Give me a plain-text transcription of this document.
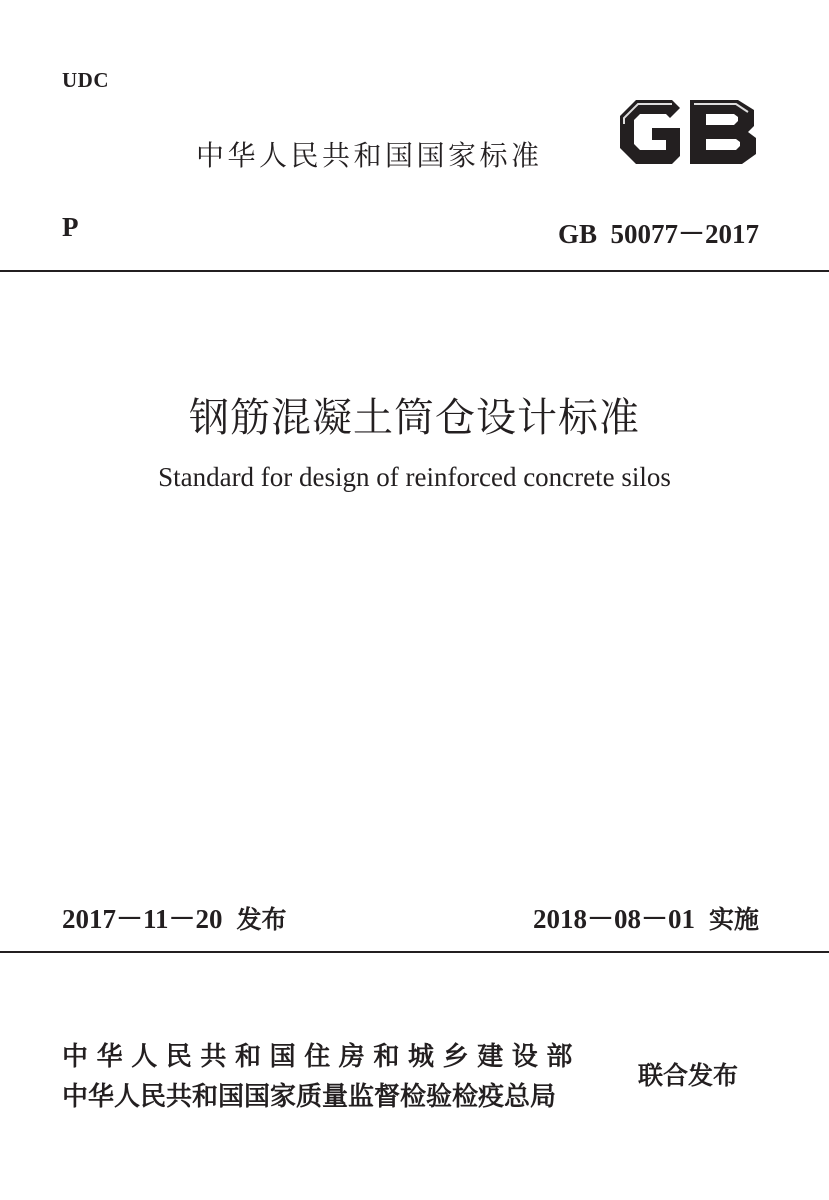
UDC
中华人民共和国国家标准
P	GB  50077－2017
钢筋混凝土筒仓设计标准
Standard for design of reinforced concrete silos
2017－11－20 发布	2018－08－01 实施
中华人民共和国住房和城乡建设部
中华人民共和国国家质量监督检验检疫总局
联合发布
